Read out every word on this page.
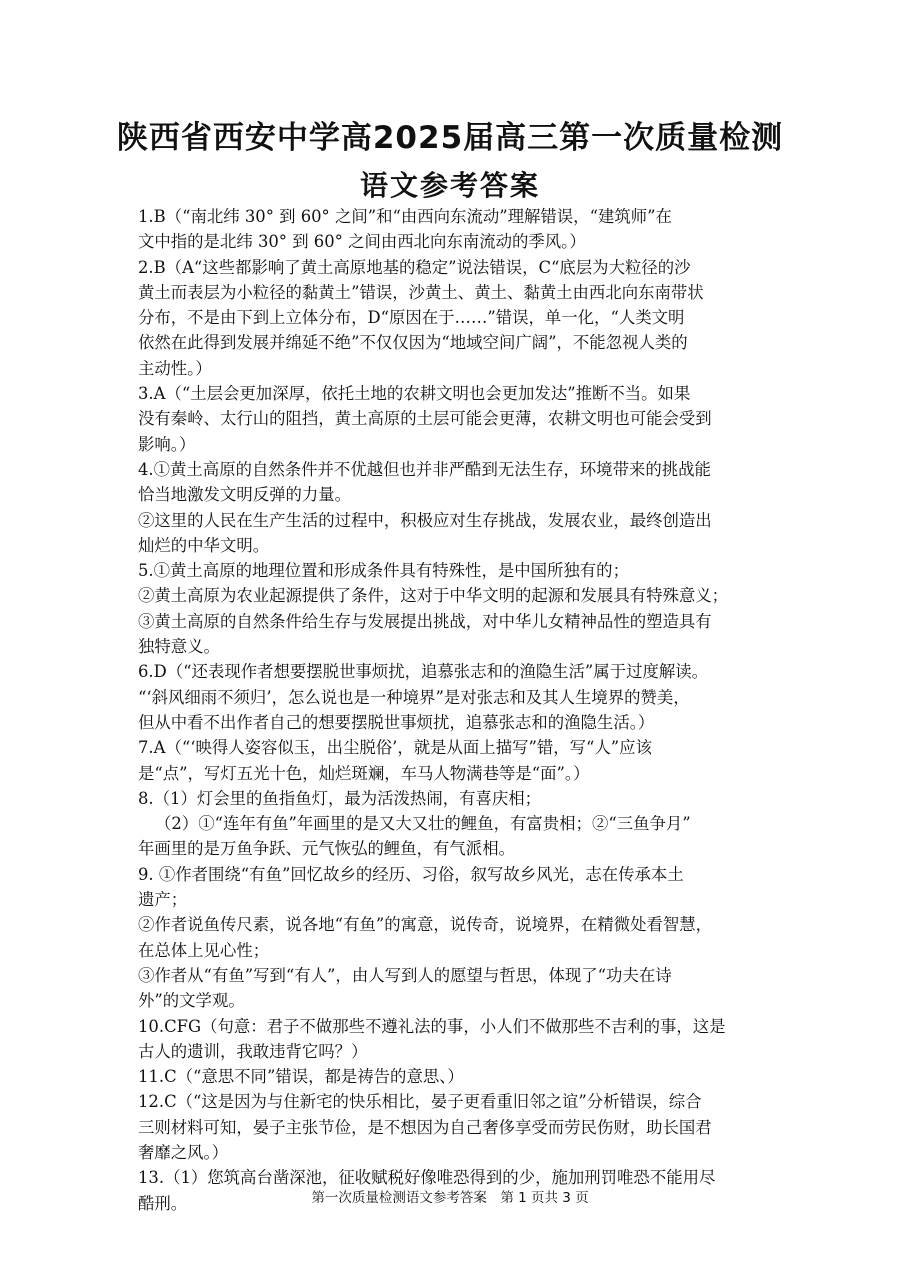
陕西省西安中学高2025届高三第一次质量检测
语文参考答案
1.B（“南北纬 30° 到 60° 之间”和“由西向东流动”理解错误，“建筑师”在
文中指的是北纬 30° 到 60° 之间由西北向东南流动的季风。）
2.B（A“这些都影响了黄土高原地基的稳定”说法错误，C“底层为大粒径的沙
黄土而表层为小粒径的黏黄土”错误，沙黄土、黄土、黏黄土由西北向东南带状
分布，不是由下到上立体分布，D“原因在于……”错误，单一化，“人类文明
依然在此得到发展并绵延不绝”不仅仅因为“地域空间广阔”，不能忽视人类的
主动性。）
3.A（“土层会更加深厚，依托土地的农耕文明也会更加发达”推断不当。如果
没有秦岭、太行山的阻挡，黄土高原的土层可能会更薄，农耕文明也可能会受到
影响。）
4.①黄土高原的自然条件并不优越但也并非严酷到无法生存，环境带来的挑战能
恰当地激发文明反弹的力量。
②这里的人民在生产生活的过程中，积极应对生存挑战，发展农业，最终创造出
灿烂的中华文明。
5.①黄土高原的地理位置和形成条件具有特殊性，是中国所独有的；
②黄土高原为农业起源提供了条件，这对于中华文明的起源和发展具有特殊意义；
③黄土高原的自然条件给生存与发展提出挑战，对中华儿女精神品性的塑造具有
独特意义。
6.D（“还表现作者想要摆脱世事烦扰，追慕张志和的渔隐生活”属于过度解读。
“‘斜风细雨不须归’，怎么说也是一种境界”是对张志和及其人生境界的赞美，
但从中看不出作者自己的想要摆脱世事烦扰，追慕张志和的渔隐生活。）
7.A（“‘映得人姿容似玉，出尘脱俗’，就是从面上描写”错，写“人”应该
是“点”，写灯五光十色，灿烂斑斓，车马人物满巷等是“面”。）
8.（1）灯会里的鱼指鱼灯，最为活泼热闹，有喜庆相；
（2）①“连年有鱼”年画里的是又大又壮的鲤鱼，有富贵相；②“三鱼争月”
年画里的是万鱼争跃、元气恢弘的鲤鱼，有气派相。
9. ①作者围绕“有鱼”回忆故乡的经历、习俗，叙写故乡风光，志在传承本土
遗产；
②作者说鱼传尺素，说各地“有鱼”的寓意，说传奇，说境界，在精微处看智慧，
在总体上见心性；
③作者从“有鱼”写到“有人”，由人写到人的愿望与哲思，体现了“功夫在诗
外”的文学观。
10.CFG（句意：君子不做那些不遵礼法的事，小人们不做那些不吉利的事，这是
古人的遗训，我敢违背它吗？）
11.C（“意思不同”错误，都是祷告的意思、）
12.C（“这是因为与住新宅的快乐相比，晏子更看重旧邻之谊”分析错误，综合
三则材料可知，晏子主张节俭，是不想因为自己奢侈享受而劳民伤财，助长国君
奢靡之风。）
13.（1）您筑高台凿深池，征收赋税好像唯恐得到的少，施加刑罚唯恐不能用尽
酷刑。	第一次质量检测语文参考答案　第 1 页共 3 页
